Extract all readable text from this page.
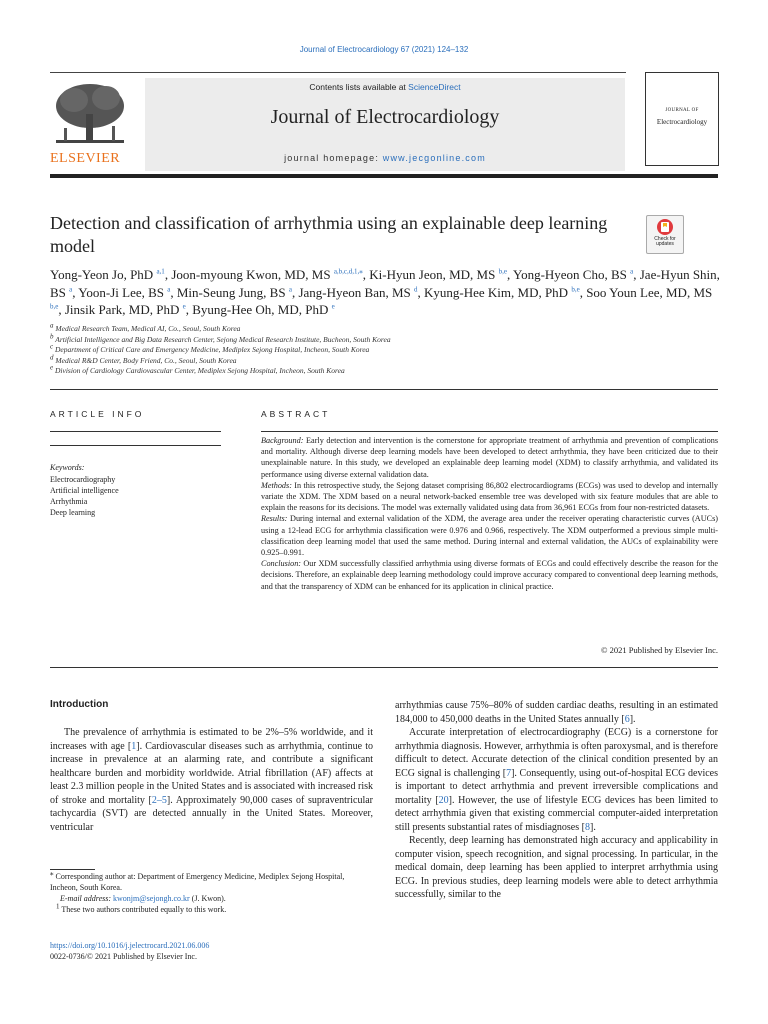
Journal of Electrocardiology 67 (2021) 124–132
ELSEVIER
Contents lists available at ScienceDirect
Journal of Electrocardiology
journal homepage: www.jecgonline.com
JOURNAL OF
Electrocardiology
Detection and classification of arrhythmia using an explainable deep learning model	Check for
updates
Yong-Yeon Jo, PhD $^{a,1}$, Joon-myoung Kwon, MD, MS $^{a,b,c,d,1,⁎}$, Ki-Hyun Jeon, MD, MS $^{b,e}$, Yong-Hyeon Cho, BS $^a$, Jae-Hyun Shin, BS $^a$, Yoon-Ji Lee, BS $^a$, Min-Seung Jung, BS $^a$, Jang-Hyeon Ban, MS $^d$, Kyung-Hee Kim, MD, PhD $^{b,e}$, Soo Youn Lee, MD, MS $^{b,e}$, Jinsik Park, MD, PhD $^e$, Byung-Hee Oh, MD, PhD $^e$
$^a$ Medical Research Team, Medical AI, Co., Seoul, South Korea
$^b$ Artificial Intelligence and Big Data Research Center, Sejong Medical Research Institute, Bucheon, South Korea
$^c$ Department of Critical Care and Emergency Medicine, Mediplex Sejong Hospital, Incheon, South Korea
$^d$ Medical R&D Center, Body Friend, Co., Seoul, South Korea
$^e$ Division of Cardiology Cardiovascular Center, Mediplex Sejong Hospital, Incheon, South Korea
ARTICLE INFO
Keywords:
Electrocardiography
Artificial intelligence
Arrhythmia
Deep learning
ABSTRACT

Background: Early detection and intervention is the cornerstone for appropriate treatment of arrhythmia and prevention of complications and mortality. Although diverse deep learning models have been developed to detect arrhythmia, they have been criticized due to their unexplainable nature. In this study, we developed an explainable deep learning model (XDM) to classify arrhythmia, and validated its performance using diverse external validation data.

Methods: In this retrospective study, the Sejong dataset comprising 86,802 electrocardiograms (ECGs) was used to develop and internally variate the XDM. The XDM based on a neural network-backed ensemble tree was developed with six feature modules that are able to explain the reasons for its decisions. The model was externally validated using data from 36,961 ECGs from four non-restricted datasets.

Results: During internal and external validation of the XDM, the average area under the receiver operating characteristic curves (AUCs) using a 12-lead ECG for arrhythmia classification were 0.976 and 0.966, respectively. The XDM outperformed a previous simple multi-classification deep learning model that used the same method. During internal and external validation, the AUCs of explainability were 0.925–0.991.

Conclusion: Our XDM successfully classified arrhythmia using diverse formats of ECGs and could effectively describe the reason for the decisions. Therefore, an explainable deep learning methodology could improve accuracy compared to conventional deep learning methods, and that the transparency of XDM can be enhanced for its application in clinical practice.

© 2021 Published by Elsevier Inc.
Introduction

The prevalence of arrhythmia is estimated to be 2%–5% worldwide, and it increases with age [1]. Cardiovascular diseases such as arrhythmia, continue to increase in prevalence at an alarming rate, and contribute a significant healthcare burden and morbidity worldwide. Atrial fibrillation (AF) affects at least 2.3 million people in the United States and is associated with increased risk of stroke and mortality [2–5]. Approximately 90,000 cases of supraventricular tachycardia (SVT) are detected annually in the United States. Moreover, ventricular

arrhythmias cause 75%–80% of sudden cardiac deaths, resulting in an estimated 184,000 to 450,000 deaths in the United States annually [6].

Accurate interpretation of electrocardiography (ECG) is a cornerstone for arrhythmia diagnosis. However, arrhythmia is often paroxysmal, and is therefore difficult to detect. Accurate detection of the clinical condition presented by an ECG signal is challenging [7]. Consequently, using out-of-hospital ECG devices is important to detect arrhythmia and prevent irreversible complications and mortality [20]. However, the use of lifestyle ECG devices has been limited to detect arrhythmia given that existing commercial computer-aided interpretation still presents substantial rates of misdiagnoses [8].

Recently, deep learning has demonstrated high accuracy and applicability in computer vision, speech recognition, and signal processing. In particular, in the medical domain, deep learning has been applied to interpret arrhythmia using ECG. In previous studies, deep learning models were able to detect arrhythmia successfully, similar to the

⁎ Corresponding author at: Department of Emergency Medicine, Mediplex Sejong Hospital, Incheon, South Korea.

E-mail address: kwonjm@sejongh.co.kr (J. Kwon).

$^1$ These two authors contributed equally to this work.

https://doi.org/10.1016/j.jelectrocard.2021.06.006
0022-0736/© 2021 Published by Elsevier Inc.
